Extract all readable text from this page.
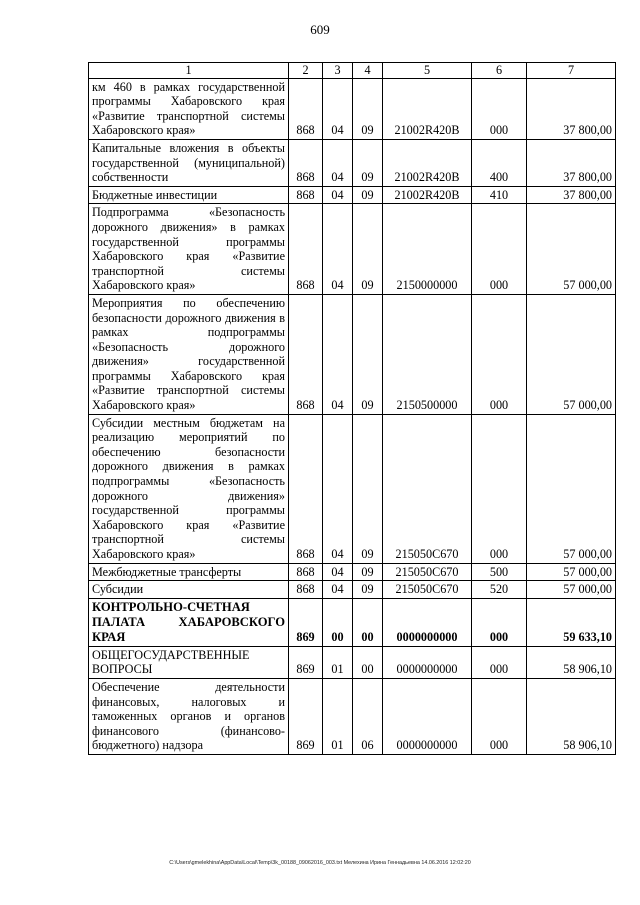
609
1	2	3	4	5	6	7
км 460 в рамках государственной программы Хабаровского края «Развитие транспортной системы Хабаровского края»	868	04	09	21002R420B	000	37 800,00
Капитальные вложения в объекты государственной (муниципальной) собственности	868	04	09	21002R420B	400	37 800,00
Бюджетные инвестиции	868	04	09	21002R420B	410	37 800,00
Подпрограмма «Безопасность дорожного движения» в рамках государственной программы Хабаровского края «Развитие транспортной системы Хабаровского края»	868	04	09	2150000000	000	57 000,00
Мероприятия по обеспечению безопасности дорожного движения в рамках подпрограммы «Безопасность дорожного движения» государственной программы Хабаровского края «Развитие транспортной системы Хабаровского края»	868	04	09	2150500000	000	57 000,00
Субсидии местным бюджетам на реализацию мероприятий по обеспечению безопасности дорожного движения в рамках подпрограммы «Безопасность дорожного движения» государственной программы Хабаровского края «Развитие транспортной системы Хабаровского края»	868	04	09	215050C670	000	57 000,00
Межбюджетные трансферты	868	04	09	215050C670	500	57 000,00
Субсидии	868	04	09	215050C670	520	57 000,00
КОНТРОЛЬНО-СЧЕТНАЯ ПАЛАТА ХАБАРОВСКОГО КРАЯ	869	00	00	0000000000	000	59 633,10
ОБЩЕГОСУДАРСТВЕННЫЕ ВОПРОСЫ	869	01	00	0000000000	000	58 906,10
Обеспечение деятельности финансовых, налоговых и таможенных органов и органов финансового (финансово-бюджетного) надзора	869	01	06	0000000000	000	58 906,10
C:\Users\gmelekhina\AppData\Local\Temp\3k_00188_09062016_003.txt Мелехина Ирина Геннадьевна 14.06.2016 12:02:20
